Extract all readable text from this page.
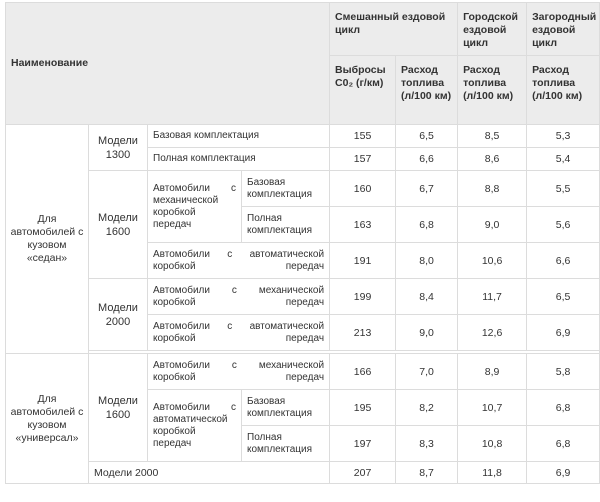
Наименование				Смешанный ездовой цикл		Городской ездовой цикл	Загородный ездовой цикл
				Выбросы С0₂ (г/км)	Расход топлива (л/100 км)	Расход топлива (л/100 км)	Расход топлива (л/100 км)
Для автомобилей с кузовом «седан»	Модели 1300	Базовая комплектация		155	6,5	8,5	5,3
		Полная комплектация		157	6,6	8,6	5,4
	Модели 1600	Автомобили с механической коробкой передач	Базовая комплектация	160	6,7	8,8	5,5
			Полная комплектация	163	6,8	9,0	5,6
		Автомобили с автоматической коробкой передач		191	8,0	10,6	6,6
	Модели 2000	Автомобили с механической коробкой передач		199	8,4	11,7	6,5
		Автомобили с автоматической коробкой передач		213	9,0	12,6	6,9

Для автомобилей с кузовом «универсал»	Модели 1600	Автомобили с механической коробкой передач		166	7,0	8,9	5,8
		Автомобили с автоматической коробкой передач	Базовая комплектация	195	8,2	10,7	6,8
			Полная комплектация	197	8,3	10,8	6,8
	Модели 2000			207	8,7	11,8	6,9
